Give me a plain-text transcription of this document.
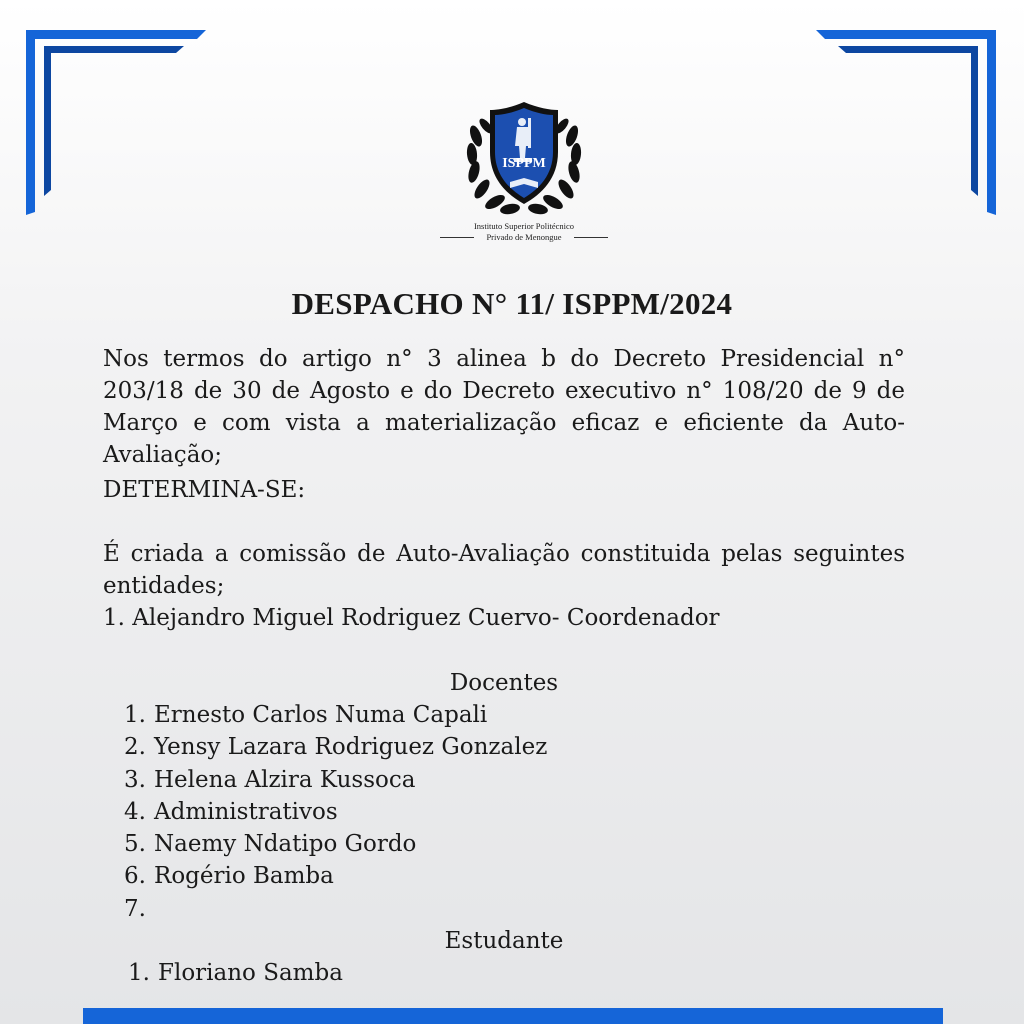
ISPPM
Instituto Superior Politécnico
Privado de Menongue
DESPACHO N° 11/ ISPPM/2024
Nos termos do artigo n° 3 alinea b do Decreto Presidencial n° 203/18 de 30 de Agosto e do Decreto executivo n° 108/20 de 9 de Março e com vista a materialização eficaz e eficiente da Auto-Avaliação;
DETERMINA-SE:
É criada a comissão de Auto-Avaliação constituida pelas seguintes entidades;
1. Alejandro Miguel Rodriguez Cuervo- Coordenador
Docentes
1. Ernesto Carlos Numa Capali
2. Yensy Lazara Rodriguez Gonzalez
3. Helena Alzira Kussoca
4. Administrativos
5. Naemy Ndatipo Gordo
6. Rogério Bamba
7.
Estudante
1. Floriano Samba
